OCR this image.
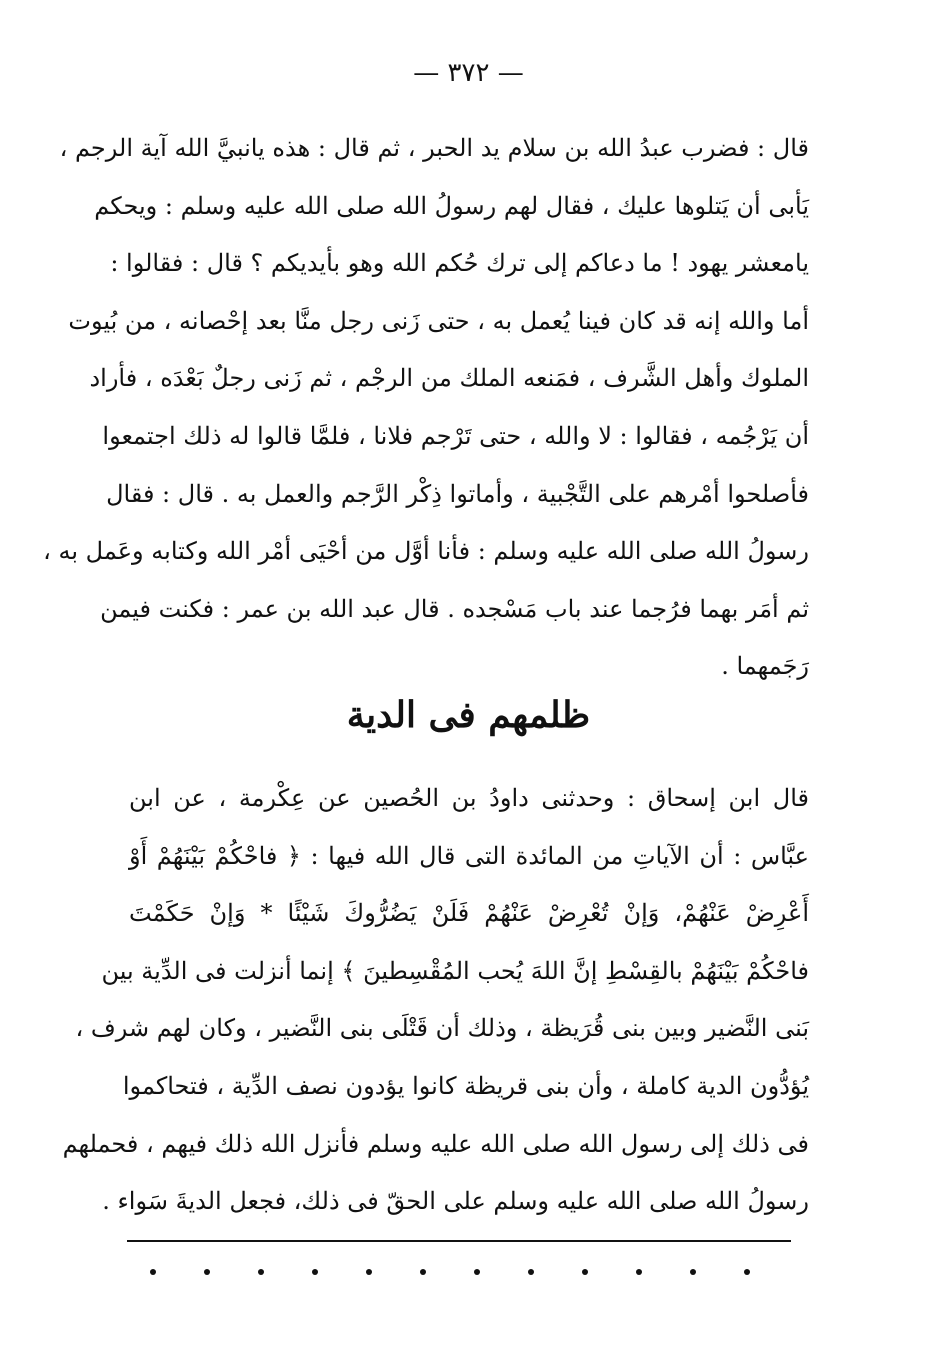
— ٣٧٢ —
قال : فضرب عبدُ الله بن سلام يد الحبر ، ثم قال : هذه يانبيَّ الله آية الرجم ،
يَأبى أن يَتلوها عليك ، فقال لهم رسولُ الله صلى الله عليه وسلم : ويحكم
يامعشر يهود ! ما دعاكم إلى ترك حُكم الله وهو بأيديكم ؟ قال : فقالوا :
أما والله إنه قد كان فينا يُعمل به ، حتى زَنى رجل منَّا بعد إحْصانه ، من بُيوت
الملوك وأهل الشَّرف ، فمَنعه الملك من الرجْم ، ثم زَنى رجلٌ بَعْدَه ، فأراد
أن يَرْجُمه ، فقالوا : لا والله ، حتى تَرْجم فلانا ، فلمَّا قالوا له ذلك اجتمعوا
فأصلحوا أمْرهم على التَّجْبية ، وأماتوا ذِكْر الرَّجم والعمل به . قال : فقال
رسولُ الله صلى الله عليه وسلم : فأنا أوَّل من أحْيَى أمْر الله وكتابه وعَمل به ،
ثم أمَر بهما فرُجما عند باب مَسْجده . قال عبد الله بن عمر : فكنت فيمن
رَجَمهما .
ظلمهم فى الدية
قال ابن إسحاق : وحدثنى داودُ بن الحُصين عن عِكْرمة ، عن ابن
عبَّاس : أن الآياتِ من المائدة التى قال الله فيها : ﴿ فاحْكُمْ بَيْنَهُمْ أَوْ
أَعْرِضْ عَنْهُمْ، وَإنْ تُعْرِضْ عَنْهُمْ فَلَنْ يَضُرُّوكَ شَيْئًا * وَإنْ حَكَمْتَ
فاحْكُمْ بَيْنَهُمْ بالقِسْطِ إنَّ اللهَ يُحب المُقْسِطينَ ﴾ إنما أنزلت فى الدِّية بين
بَنى النَّضير وبين بنى قُرَيظة ، وذلك أن قَتْلَى بنى النَّضير ، وكان لهم شرف ،
يُؤدُّون الدية كاملة ، وأن بنى قريظة كانوا يؤدون نصف الدِّية ، فتحاكموا
فى ذلك إلى رسول الله صلى الله عليه وسلم فأنزل الله ذلك فيهم ، فحملهم
رسولُ الله صلى الله عليه وسلم على الحقّ فى ذلك، فجعل الديةَ سَواء .
